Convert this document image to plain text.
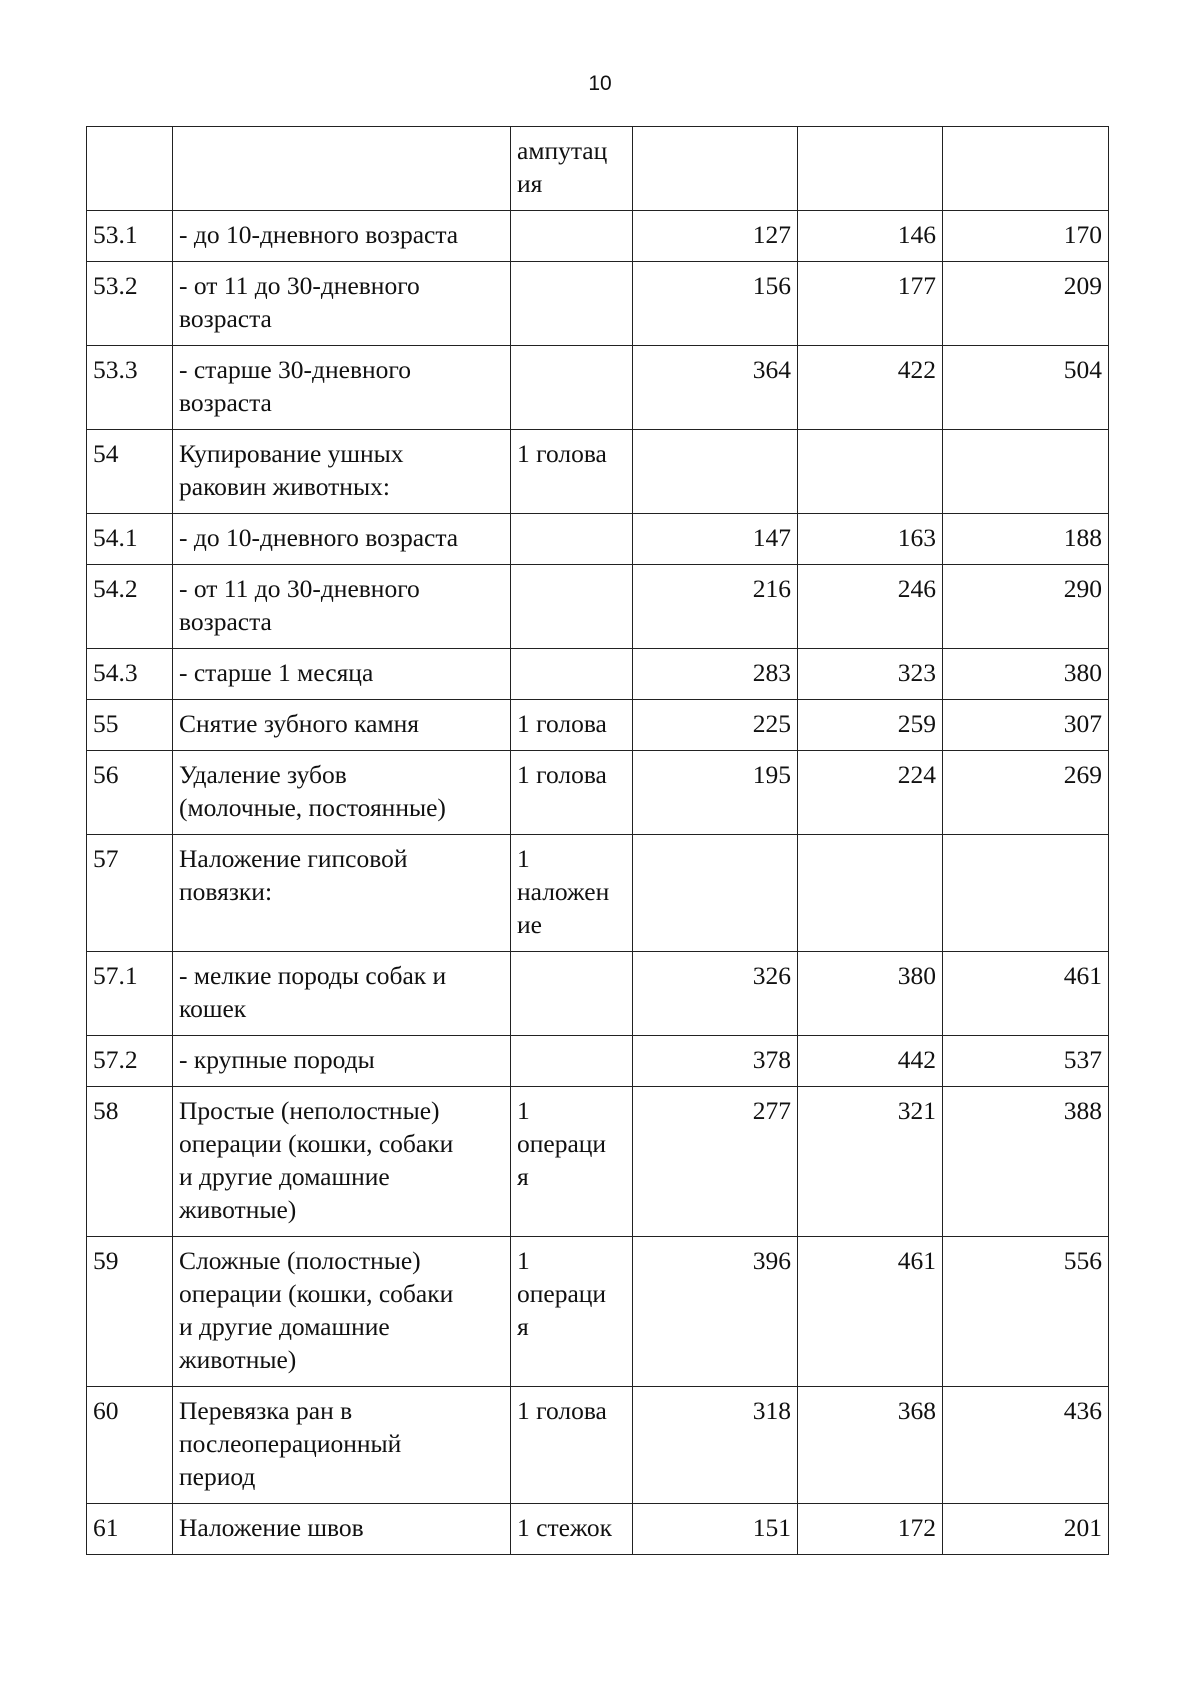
10
		ампутац
ия			
53.1	- до 10-дневного возраста		127	146	170
53.2	- от 11 до 30-дневного
возраста		156	177	209
53.3	- старше 30-дневного
возраста		364	422	504
54	Купирование ушных
раковин животных:	1 голова			
54.1	- до 10-дневного возраста		147	163	188
54.2	- от 11 до 30-дневного
возраста		216	246	290
54.3	- старше 1 месяца		283	323	380
55	Снятие зубного камня	1 голова	225	259	307
56	Удаление зубов
(молочные, постоянные)	1 голова	195	224	269
57	Наложение гипсовой
повязки:	1
наложен
ие			
57.1	- мелкие породы собак и
кошек		326	380	461
57.2	- крупные породы		378	442	537
58	Простые (неполостные)
операции (кошки, собаки
и другие домашние
животные)	1
операци
я	277	321	388
59	Сложные (полостные)
операции (кошки, собаки
и другие домашние
животные)	1
операци
я	396	461	556
60	Перевязка ран в
послеоперационный
период	1 голова	318	368	436
61	Наложение швов	1 стежок	151	172	201
